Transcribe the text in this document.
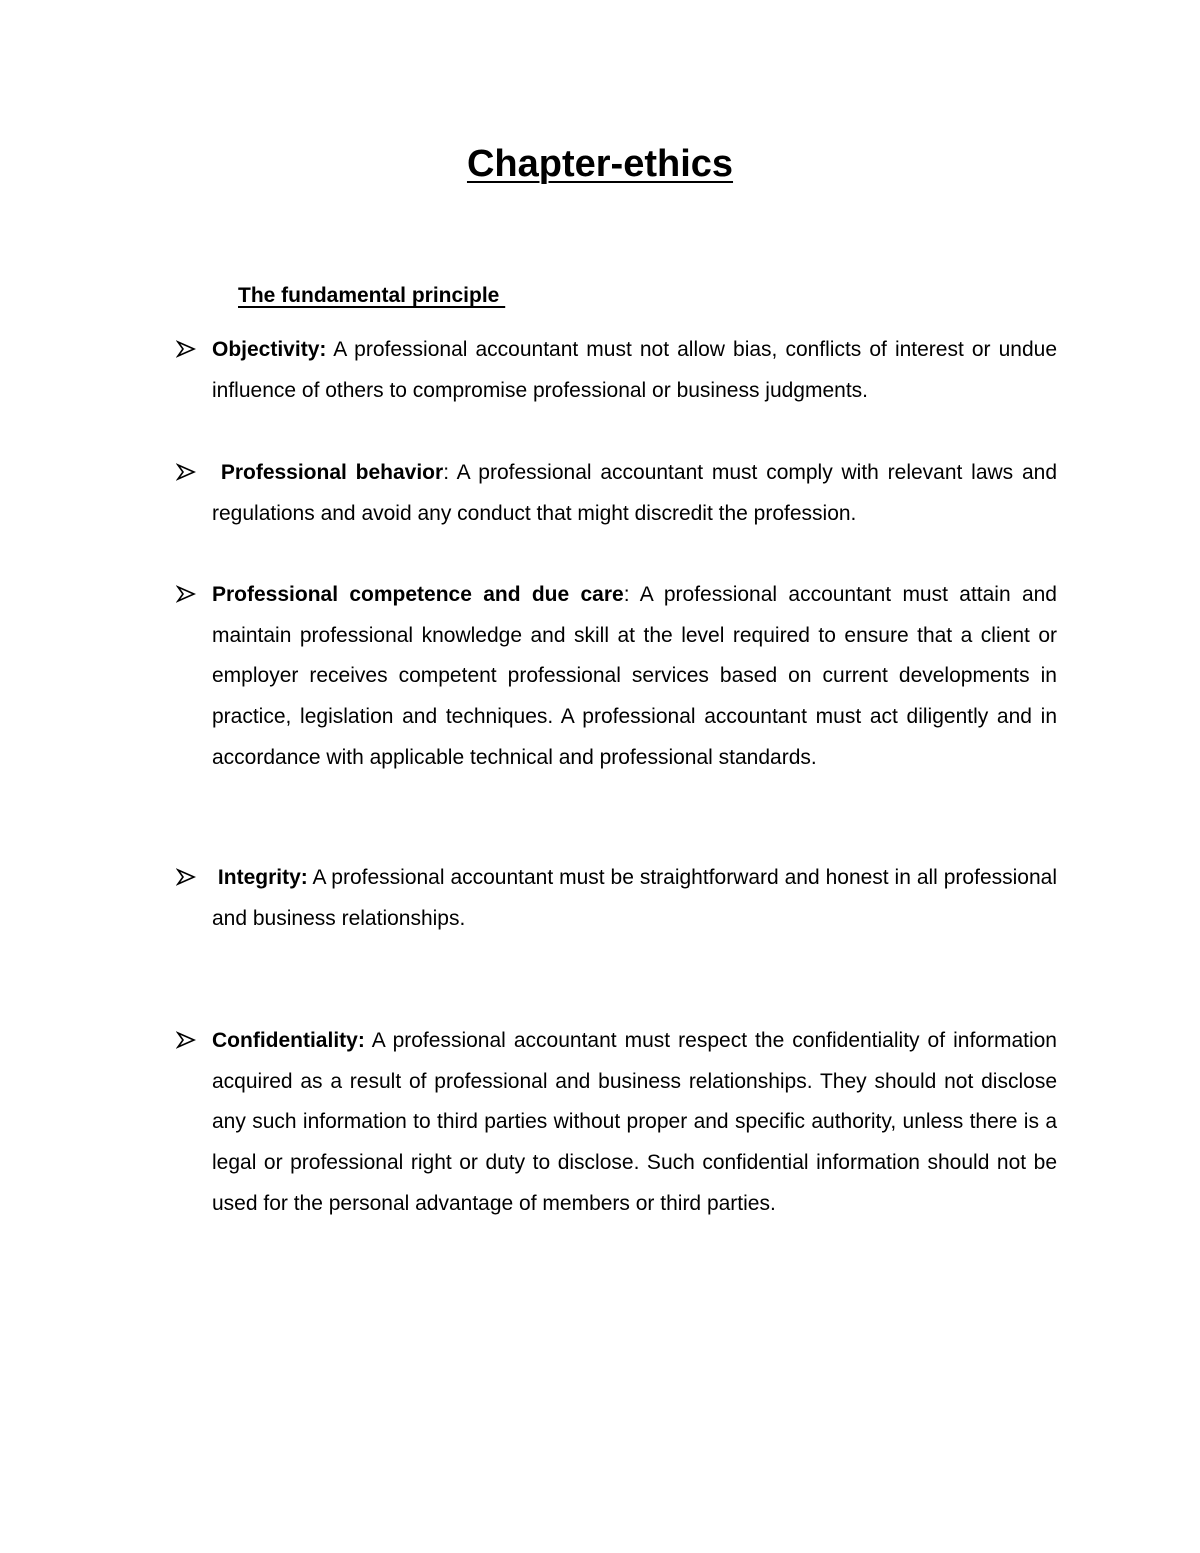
Chapter-ethics
The fundamental principle
Objectivity: A professional accountant must not allow bias, conflicts of interest or undue influence of others to compromise professional or business judgments.
Professional behavior: A professional accountant must comply with relevant laws and regulations and avoid any conduct that might discredit the profession.
Professional competence and due care: A professional accountant must attain and maintain professional knowledge and skill at the level required to ensure that a client or employer receives competent professional services based on current developments in practice, legislation and techniques. A professional accountant must act diligently and in accordance with applicable technical and professional standards.
Integrity: A professional accountant must be straightforward and honest in all professional and business relationships.
Confidentiality: A professional accountant must respect the confidentiality of information acquired as a result of professional and business relationships. They should not disclose any such information to third parties without proper and specific authority, unless there is a legal or professional right or duty to disclose. Such confidential information should not be used for the personal advantage of members or third parties.
